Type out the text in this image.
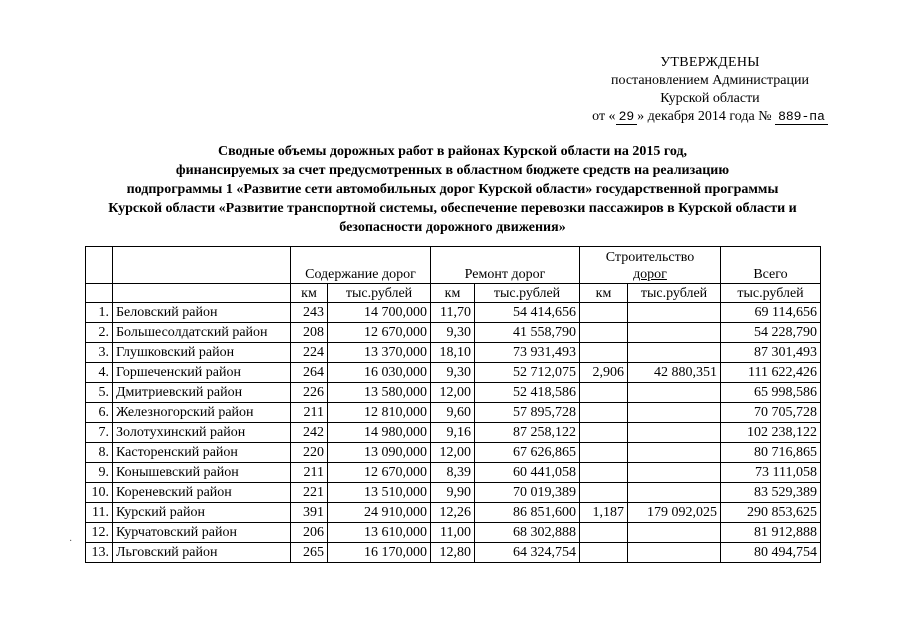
УТВЕРЖДЕНЫ
постановлением Администрации
Курской области
от « 29 » декабря 2014 года № 889-па
Сводные объемы дорожных работ в районах Курской области на 2015 год,
финансируемых за счет предусмотренных в областном бюджете средств на реализацию
подпрограммы 1 «Развитие сети автомобильных дорог Курской области» государственной программы
Курской области «Развитие транспортной системы, обеспечение перевозки пассажиров в Курской области и
безопасности дорожного движения»
·
		Содержание дорог		Ремонт дорог		Строительство
дорог		Всего
		км	тыс.рублей	км	тыс.рублей	км	тыс.рублей	тыс.рублей
1.	Беловский район	243	14 700,000	11,70	54 414,656			69 114,656
2.	Большесолдатский район	208	12 670,000	9,30	41 558,790			54 228,790
3.	Глушковский район	224	13 370,000	18,10	73 931,493			87 301,493
4.	Горшеченский район	264	16 030,000	9,30	52 712,075	2,906	42 880,351	111 622,426
5.	Дмитриевский район	226	13 580,000	12,00	52 418,586			65 998,586
6.	Железногорский район	211	12 810,000	9,60	57 895,728			70 705,728
7.	Золотухинский район	242	14 980,000	9,16	87 258,122			102 238,122
8.	Касторенский район	220	13 090,000	12,00	67 626,865			80 716,865
9.	Конышевский район	211	12 670,000	8,39	60 441,058			73 111,058
10.	Кореневский район	221	13 510,000	9,90	70 019,389			83 529,389
11.	Курский район	391	24 910,000	12,26	86 851,600	1,187	179 092,025	290 853,625
12.	Курчатовский район	206	13 610,000	11,00	68 302,888			81 912,888
13.	Льговский район	265	16 170,000	12,80	64 324,754			80 494,754
